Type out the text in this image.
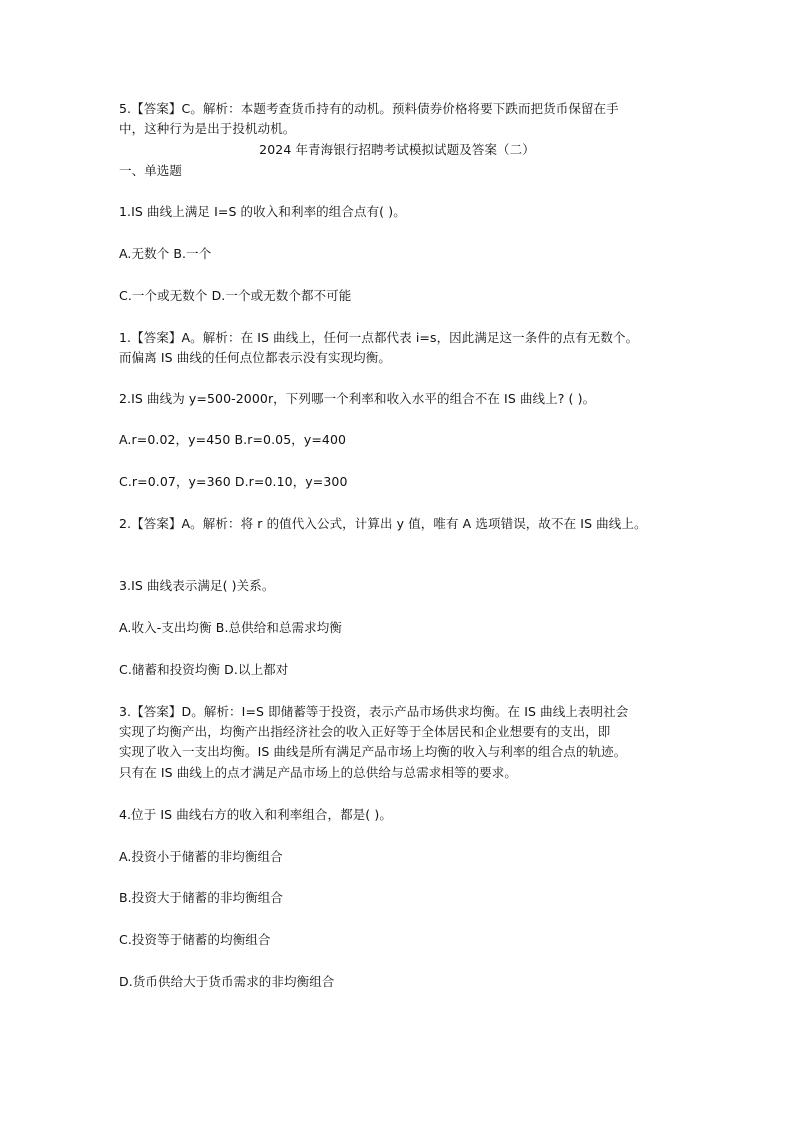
5.【答案】C。解析：本题考查货币持有的动机。预料债券价格将要下跌而把货币保留在手
中，这种行为是出于投机动机。
2024 年青海银行招聘考试模拟试题及答案（二）
一、单选题
1.IS 曲线上满足 I=S 的收入和利率的组合点有( )。
A.无数个 B.一个
C.一个或无数个 D.一个或无数个都不可能
1.【答案】A。解析：在 IS 曲线上，任何一点都代表 i=s，因此满足这一条件的点有无数个。
而偏离 IS 曲线的任何点位都表示没有实现均衡。
2.IS 曲线为 y=500-2000r，下列哪一个利率和收入水平的组合不在 IS 曲线上? ( )。
A.r=0.02，y=450 B.r=0.05，y=400
C.r=0.07，y=360 D.r=0.10，y=300
2.【答案】A。解析：将 r 的值代入公式，计算出 y 值，唯有 A 选项错误，故不在 IS 曲线上。
3.IS 曲线表示满足( )关系。
A.收入-支出均衡 B.总供给和总需求均衡
C.储蓄和投资均衡 D.以上都对
3.【答案】D。解析：I=S 即储蓄等于投资，表示产品市场供求均衡。在 IS 曲线上表明社会
实现了均衡产出，均衡产出指经济社会的收入正好等于全体居民和企业想要有的支出，即
实现了收入一支出均衡。IS 曲线是所有满足产品市场上均衡的收入与利率的组合点的轨迹。
只有在 IS 曲线上的点才满足产品市场上的总供给与总需求相等的要求。
4.位于 IS 曲线右方的收入和利率组合，都是( )。
A.投资小于储蓄的非均衡组合
B.投资大于储蓄的非均衡组合
C.投资等于储蓄的均衡组合
D.货币供给大于货币需求的非均衡组合
